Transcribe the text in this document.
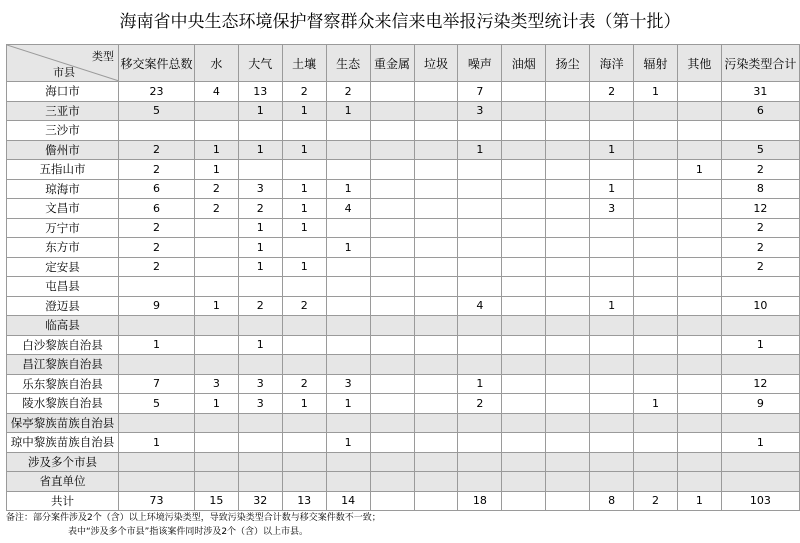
海南省中央生态环境保护督察群众来信来电举报污染类型统计表（第十批）
类型
市县	移交案件总数	水	大气	土壤	生态	重金属	垃圾	噪声	油烟	扬尘	海洋	辐射	其他	污染类型合计
海口市	23	4	13	2	2			7			2	1		31
三亚市	5		1	1	1			3						6
三沙市														
儋州市	2	1	1	1				1			1			5
五指山市	2	1											1	2
琼海市	6	2	3	1	1						1			8
文昌市	6	2	2	1	4						3			12
万宁市	2		1	1										2
东方市	2		1		1									2
定安县	2		1	1										2
屯昌县														
澄迈县	9	1	2	2				4			1			10
临高县														
白沙黎族自治县	1		1											1
昌江黎族自治县														
乐东黎族自治县	7	3	3	2	3			1						12
陵水黎族自治县	5	1	3	1	1			2				1		9
保亭黎族苗族自治县														
琼中黎族苗族自治县	1				1									1
涉及多个市县														
省直单位														
共计	73	15	32	13	14			18			8	2	1	103
备注：部分案件涉及2个（含）以上环境污染类型，导致污染类型合计数与移交案件数不一致；
表中“涉及多个市县”指该案件同时涉及2个（含）以上市县。
